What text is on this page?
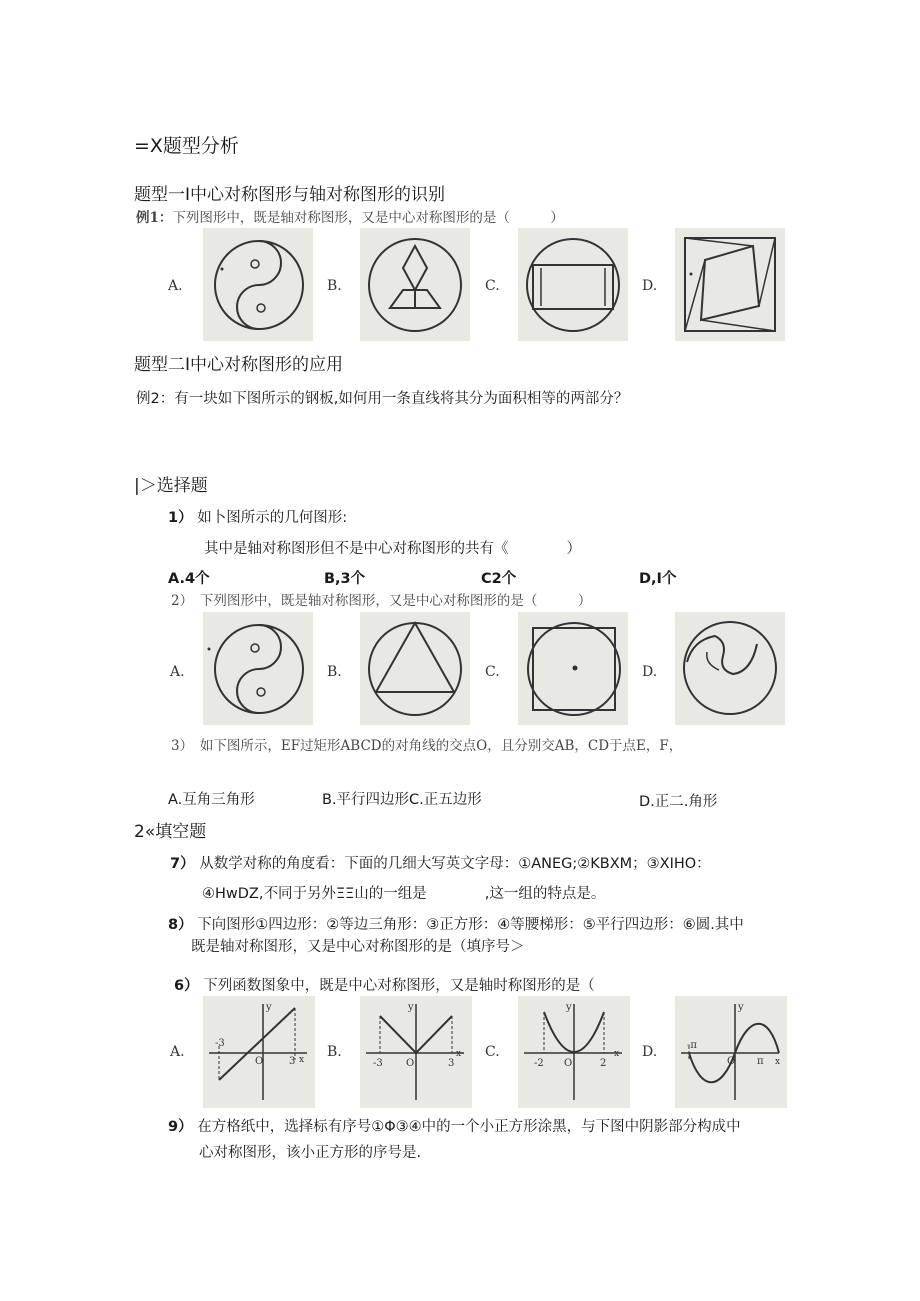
=X题型分析
题型一I中心对称图形与轴对称图形的识别
例1：下列图形中，既是轴对称图形，又是中心对称图形的是（　　　）
A.	B.	C.	D.
题型二I中心对称图形的应用
例2：有一块如下图所示的钢板,如何用一条直线将其分为面积相等的两部分？
|＞选择题
1） 如卜图所示的几何图形:
其中是轴对称图形但不是中心对称图形的共有《　　　　）
A.4个	B,3个	C2个	D,I个
2）　下列图形中，既是轴对称图形，又是中心对称图形的是（　　　）
A.	B.	C.	D.
3）　如下图所示，EF过矩形ABCD的对角线的交点O，且分别交AB，CD于点E，F，
A.互角三角形	B.平行四边形C.正五边形	D.正二.角形
2«填空题
7） 从数学对称的角度看：下面的几细大写英文字母：①ANEG;②KBXM；③XIHO：
④HwDZ,不同于另外ΞΞ山的一组是　　　　,这一组的特点是。
8） 下向图形①四边形：②等边三角形：③正方形：④等腰梯形：⑤平行四边形：⑥圆.其中
既是轴对称图形，又是中心对称图形的是（填序号＞
6） 下列函数图象中，既是中心对称图形，又是轴时称图形的是（
A.
y
x
-3
O	3
B.
y
x
-3 O	3
C.
y
x
-2 O	2
D.
y
x
-π
O π
9） 在方格纸中，选择标有序号①Φ③④中的一个小正方形涂黑，与下图中阴影部分构成中
心对称图形，该小正方形的序号是.
